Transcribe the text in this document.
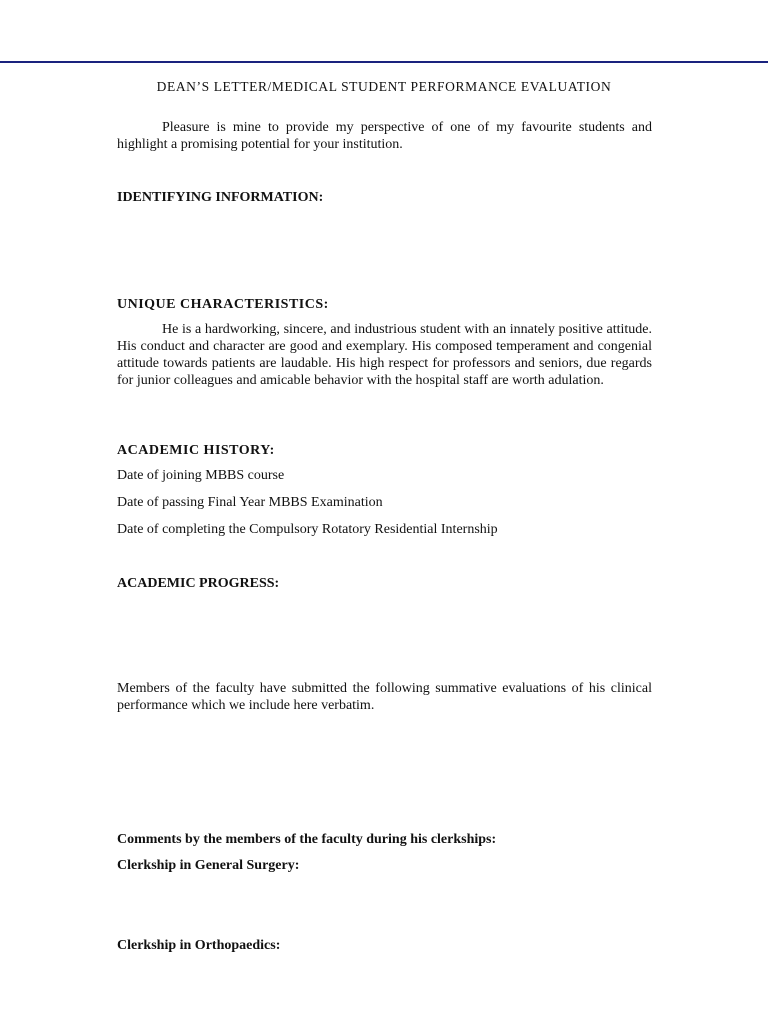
DEAN’S LETTER/MEDICAL STUDENT PERFORMANCE EVALUATION
Pleasure is mine to provide my perspective of one of my favourite students and highlight a promising potential for your institution.
IDENTIFYING INFORMATION:
UNIQUE CHARACTERISTICS:
He is a hardworking, sincere, and industrious student with an innately positive attitude. His conduct and character are good and exemplary. His composed temperament and congenial attitude towards patients are laudable. His high respect for professors and seniors, due regards for junior colleagues and amicable behavior with the hospital staff are worth adulation.
ACADEMIC HISTORY:
Date of joining MBBS course
Date of passing Final Year MBBS Examination
Date of completing the Compulsory Rotatory Residential Internship
ACADEMIC PROGRESS:
Members of the faculty have submitted the following summative evaluations of his clinical performance which we include here verbatim.
Comments by the members of the faculty during his clerkships:
Clerkship in General Surgery:
Clerkship in Orthopaedics:
